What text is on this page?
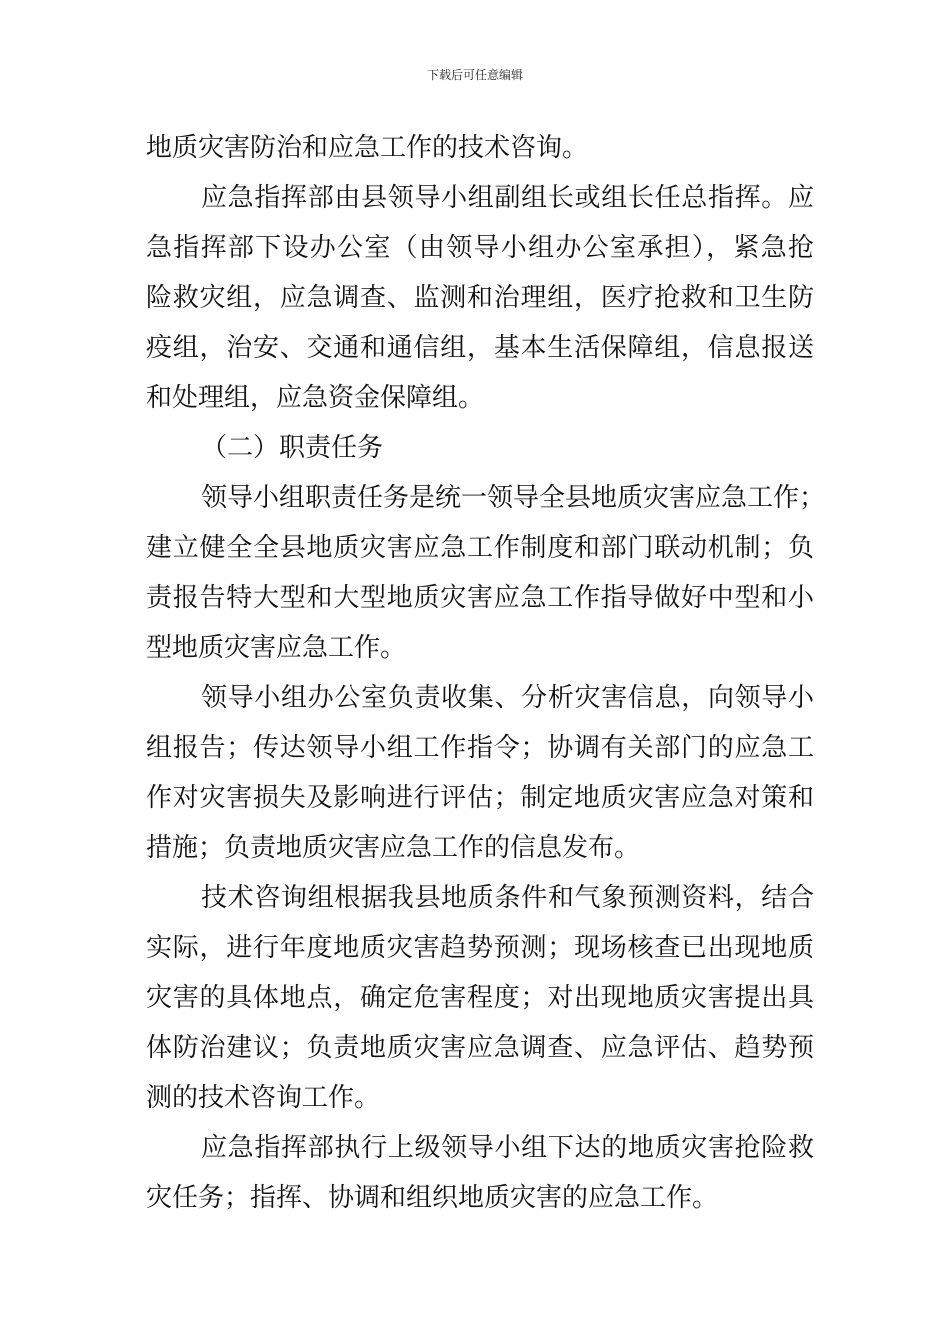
下载后可任意编辑
地质灾害防治和应急工作的技术咨询。
应急指挥部由县领导小组副组长或组长任总指挥。应
急指挥部下设办公室（由领导小组办公室承担），紧急抢
险救灾组，应急调查、监测和治理组，医疗抢救和卫生防
疫组，治安、交通和通信组，基本生活保障组，信息报送
和处理组，应急资金保障组。
（二）职责任务
领导小组职责任务是统一领导全县地质灾害应急工作；
建立健全全县地质灾害应急工作制度和部门联动机制；负
责报告特大型和大型地质灾害应急工作指导做好中型和小
型地质灾害应急工作。
领导小组办公室负责收集、分析灾害信息，向领导小
组报告；传达领导小组工作指令；协调有关部门的应急工
作对灾害损失及影响进行评估；制定地质灾害应急对策和
措施；负责地质灾害应急工作的信息发布。
技术咨询组根据我县地质条件和气象预测资料，结合
实际，进行年度地质灾害趋势预测；现场核查已出现地质
灾害的具体地点，确定危害程度；对出现地质灾害提出具
体防治建议；负责地质灾害应急调查、应急评估、趋势预
测的技术咨询工作。
应急指挥部执行上级领导小组下达的地质灾害抢险救
灾任务；指挥、协调和组织地质灾害的应急工作。
